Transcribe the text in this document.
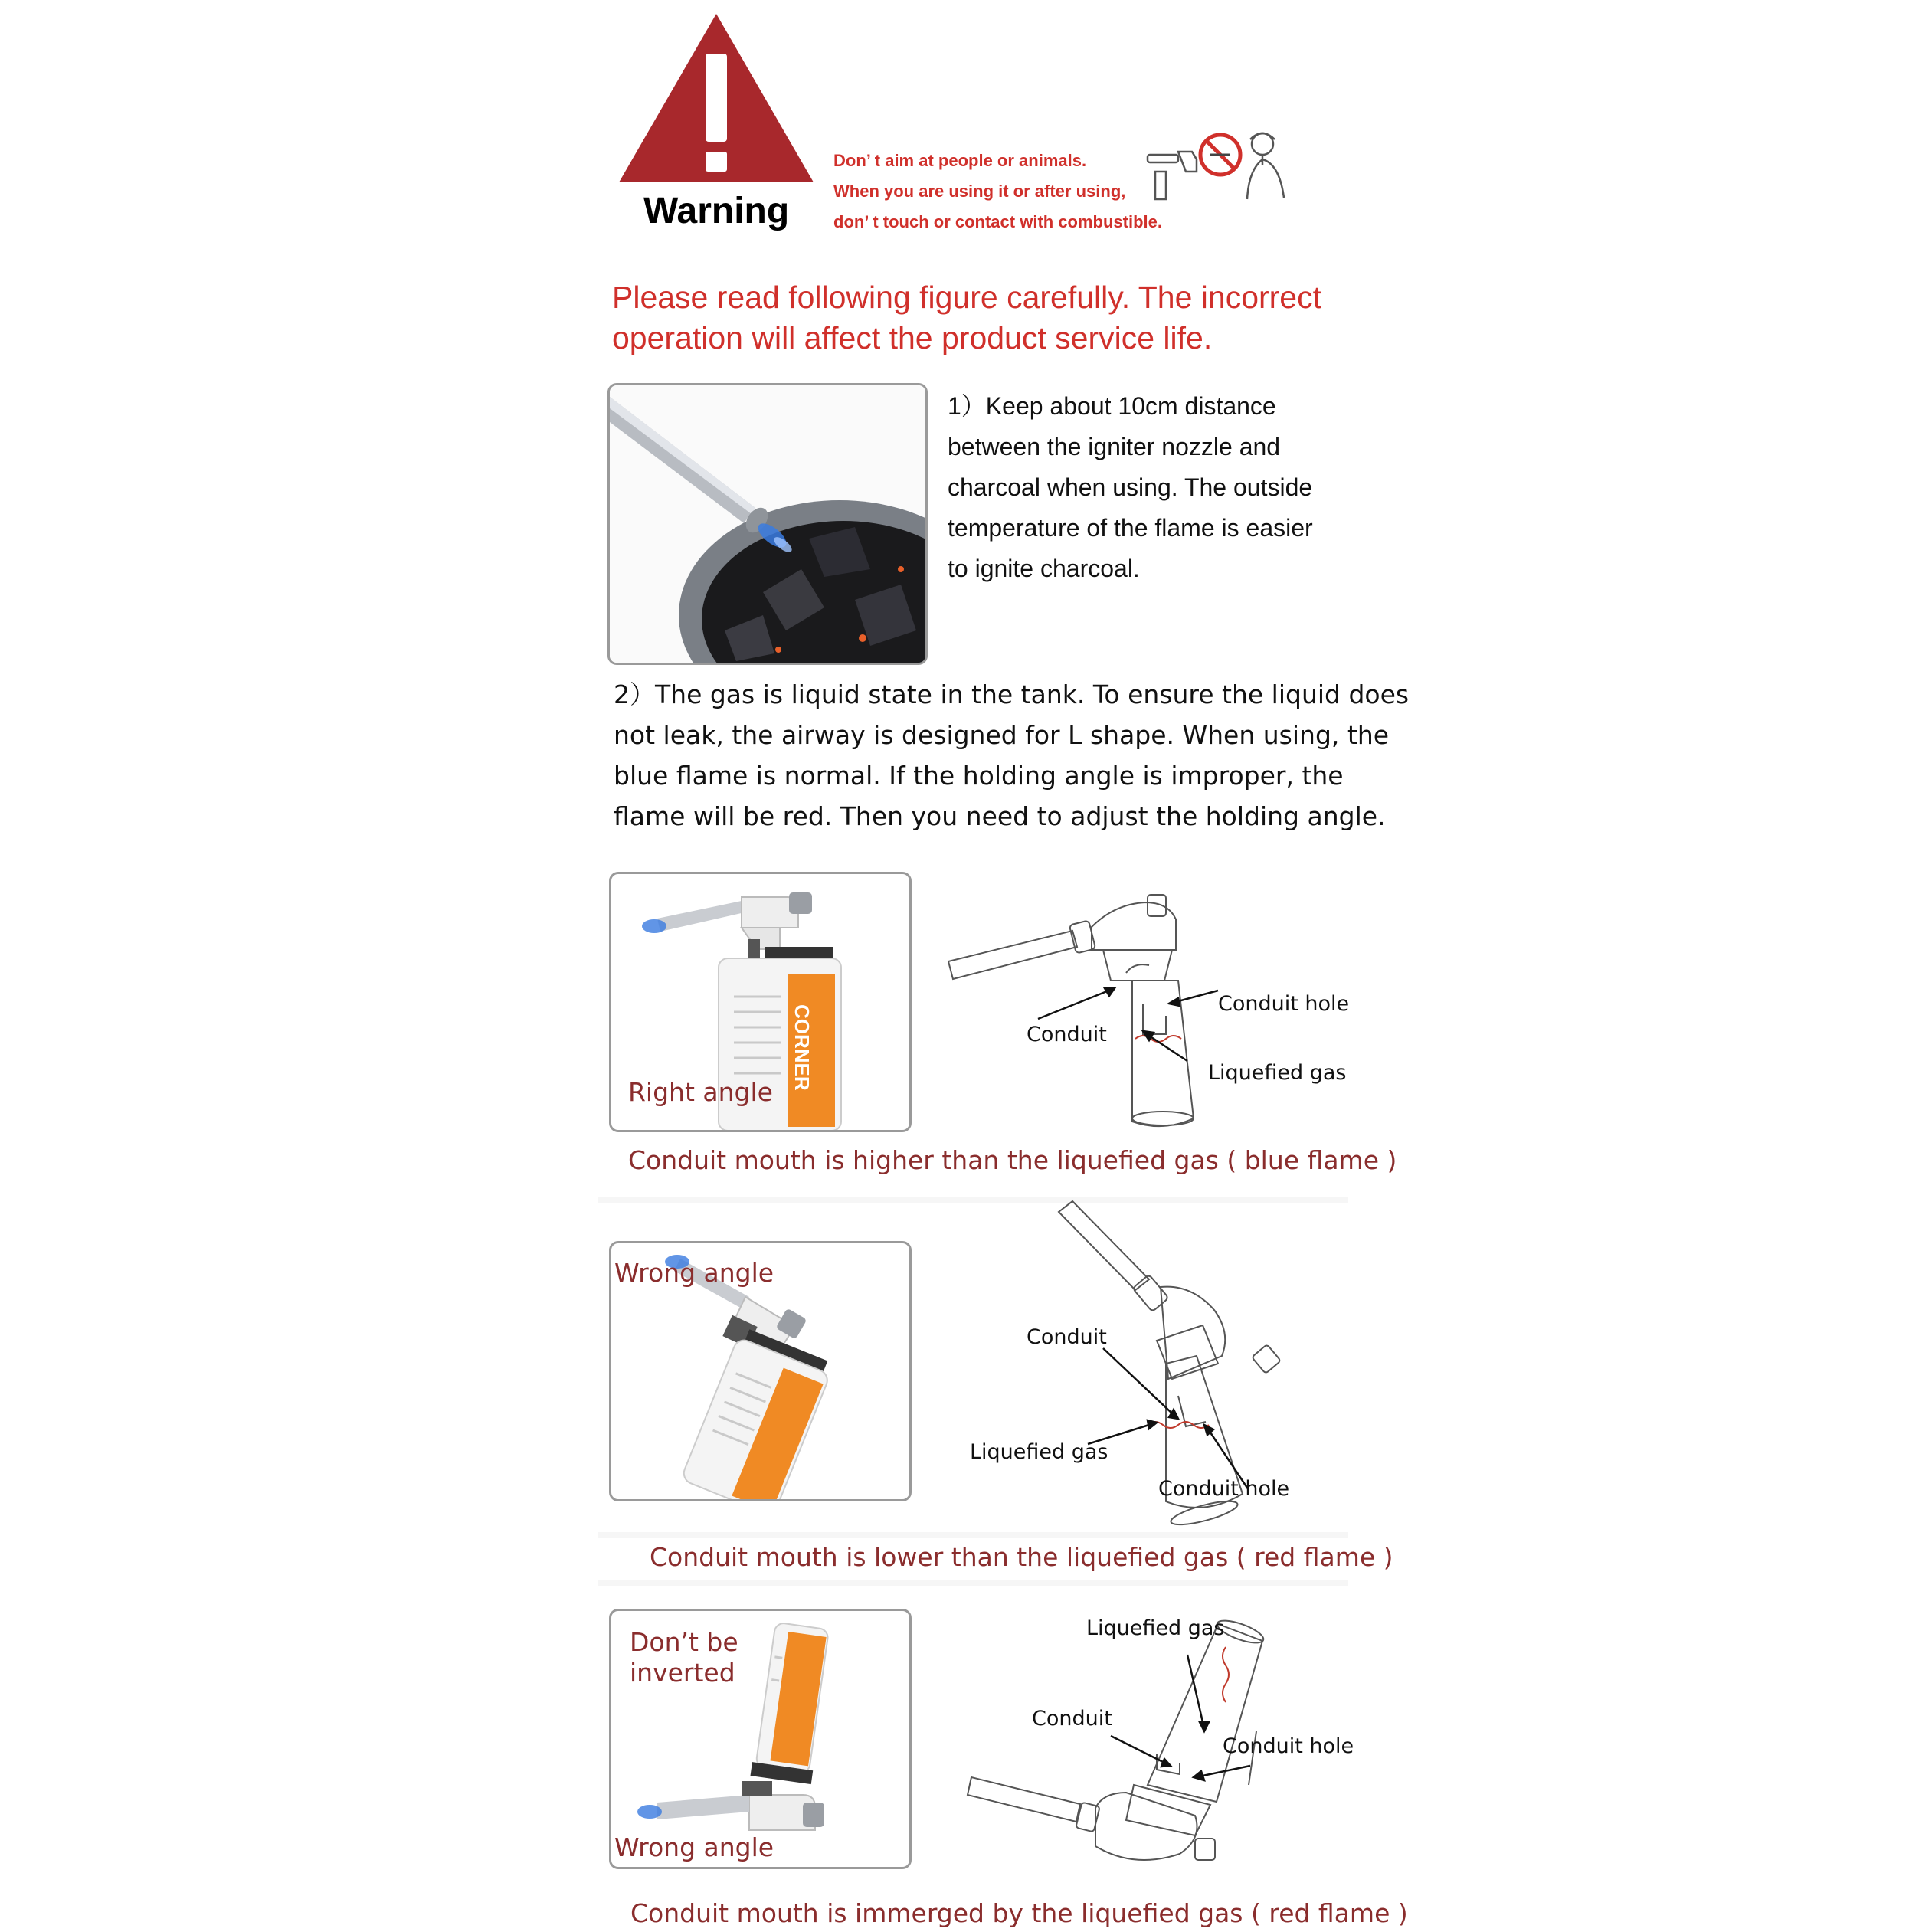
Warning
Don’ t aim at people or animals.
When you are using it or after using,
don’ t touch or contact with combustible.
Please read following figure carefully. The incorrect operation will affect the product service life.
1）Keep about 10cm distance
between the igniter nozzle and
charcoal when using. The outside
temperature of the flame is easier
to ignite charcoal.
2）The gas is liquid state in the tank. To ensure the liquid does
not leak, the airway is designed for L shape. When using, the
blue flame is normal. If the holding angle is improper, the
flame will be red. Then you need to adjust the holding angle.
CORNER
Right angle
Conduit hole
Conduit
Liquefied gas
Conduit mouth is higher than the liquefied gas ( blue flame )
Wrong angle
Conduit
Liquefied gas
Conduit hole
Conduit mouth is lower than the liquefied gas ( red flame )
Don’t be inverted
Wrong angle
Liquefied gas
Conduit
Conduit hole
Conduit mouth is immerged by the liquefied gas ( red flame )
